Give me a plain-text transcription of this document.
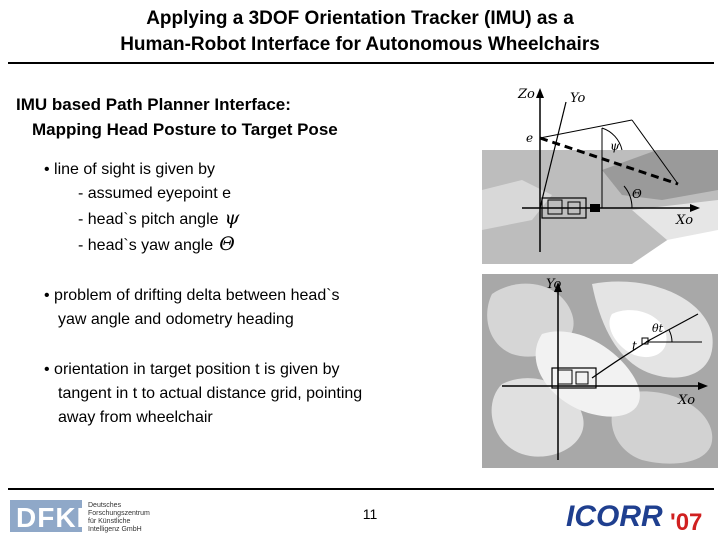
Applying a 3DOF Orientation Tracker (IMU) as a
Human-Robot Interface for Autonomous Wheelchairs
IMU based Path Planner Interface:
Mapping Head Posture to Target Pose
• line of sight is given by
- assumed eyepoint e
- head`s pitch angle ψ
- head`s yaw angle Θ
• problem of drifting delta between head`s
yaw angle and odometry heading
• orientation in target position t is given by
tangent in t to actual distance grid, pointing
away from wheelchair
Zo	Yo
Xo
e
ψ
Θ
Yo
Xo
t
θt
DFKI Deutsches
Forschungszentrum
für Künstliche
Intelligenz GmbH
11	ICORR '07
